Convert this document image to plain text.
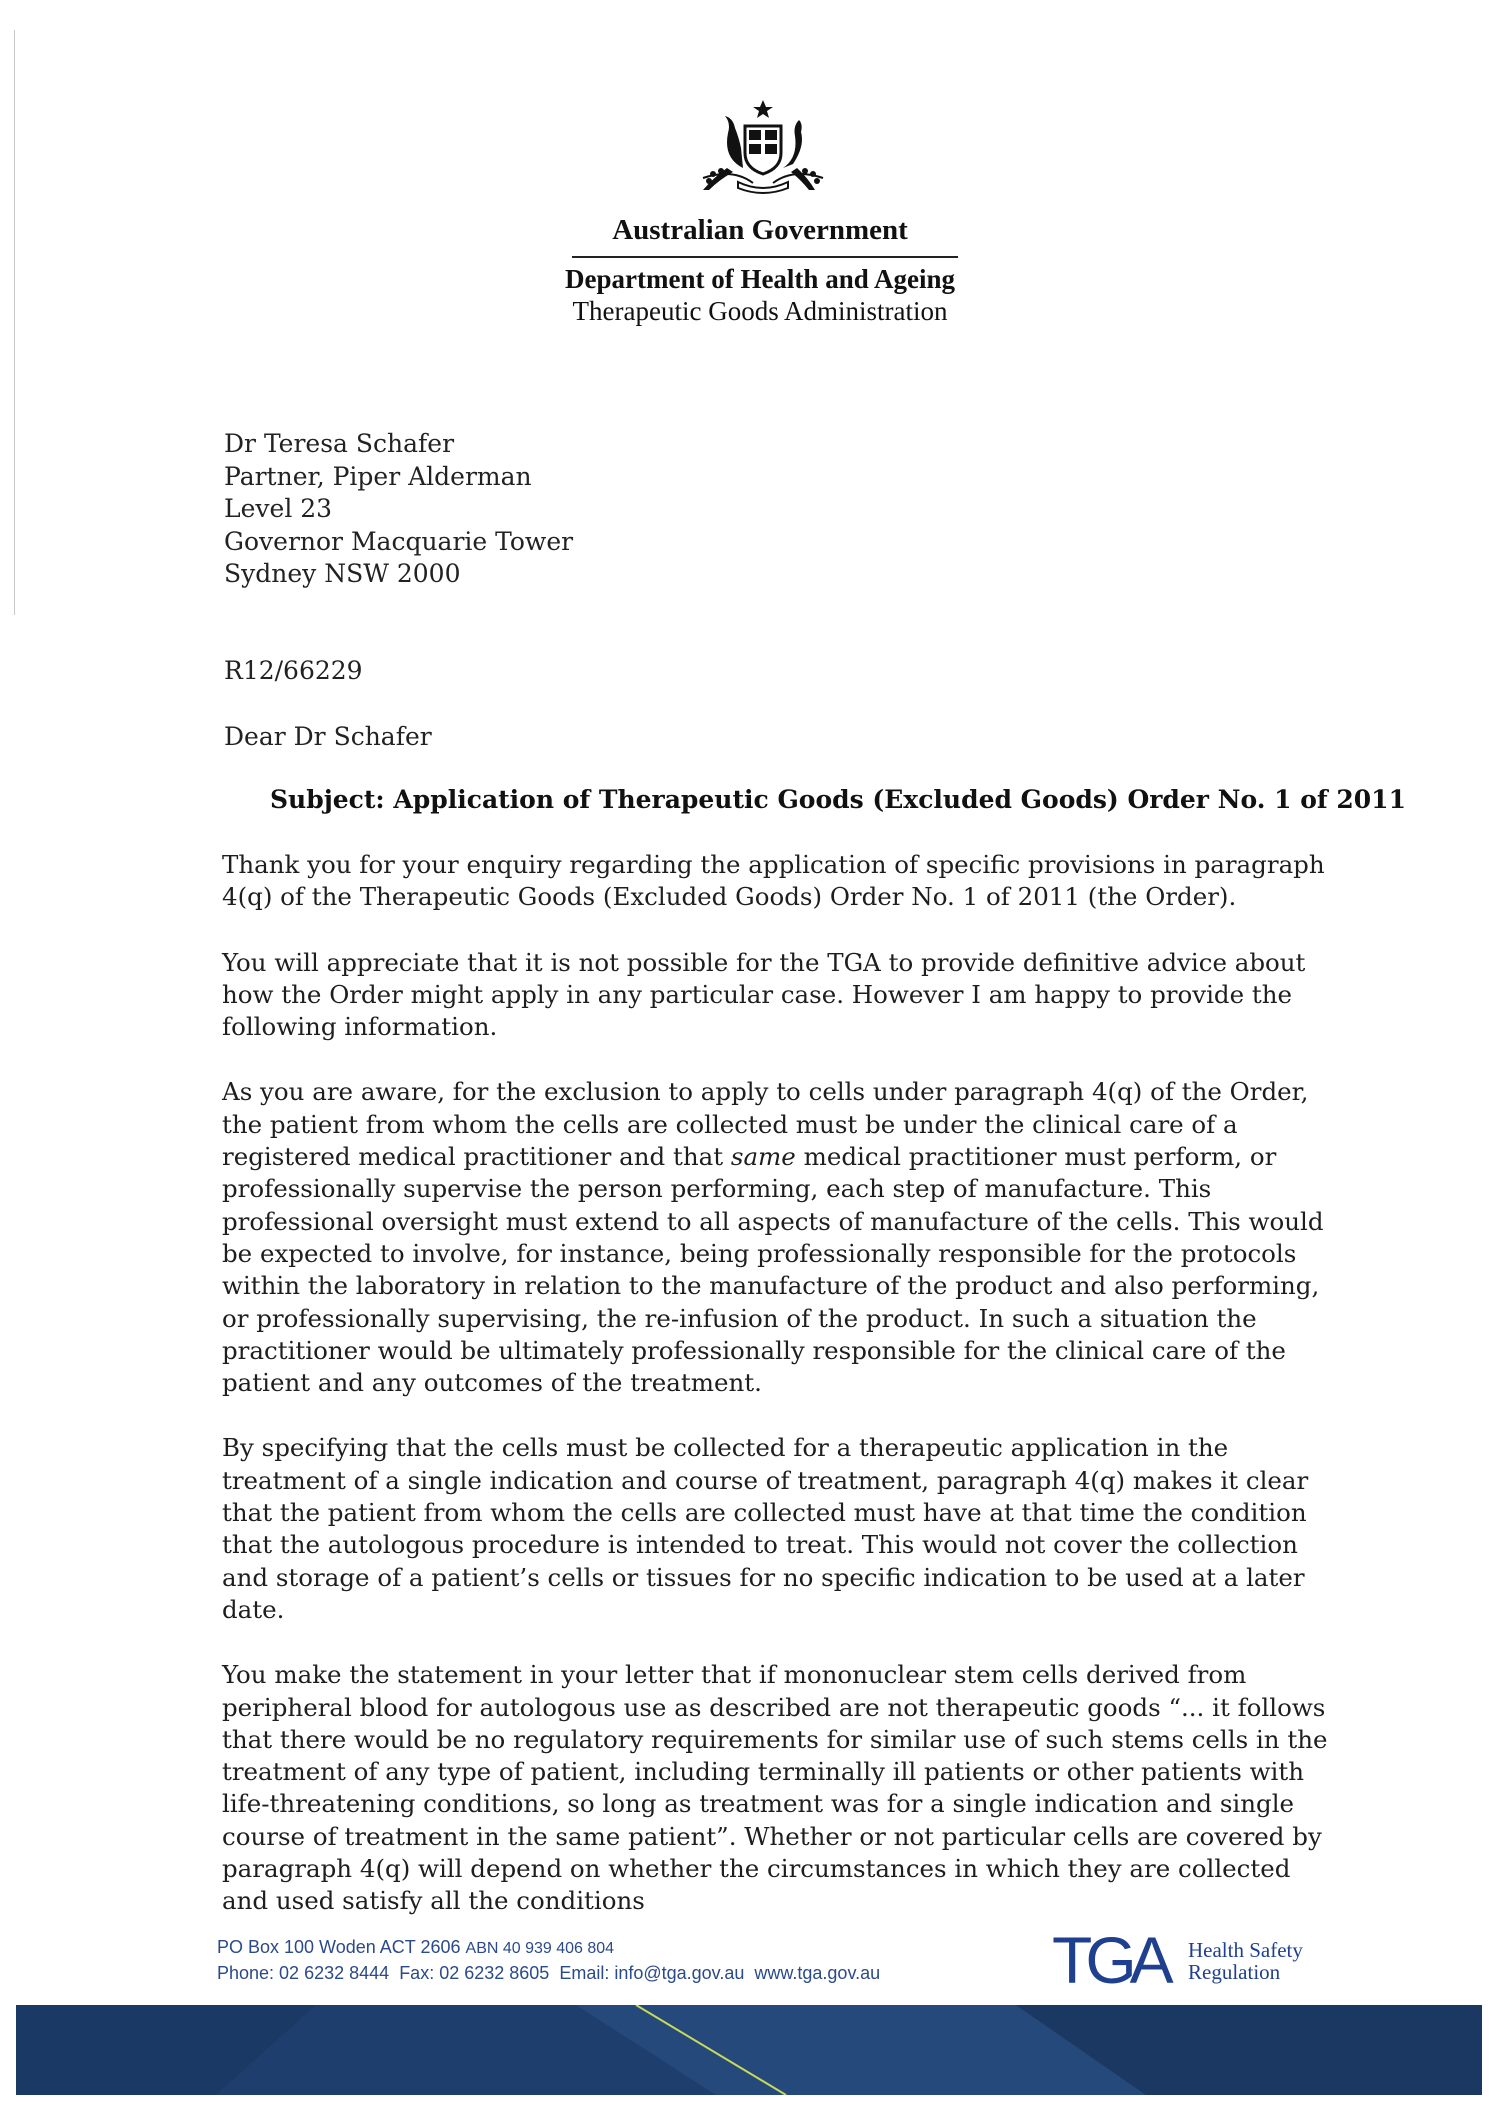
Australian Government
Department of Health and Ageing
Therapeutic Goods Administration
Dr Teresa Schafer
Partner, Piper Alderman
Level 23
Governor Macquarie Tower
Sydney NSW 2000
R12/66229
Dear Dr Schafer
Subject: Application of Therapeutic Goods (Excluded Goods) Order No. 1 of 2011

Thank you for your enquiry regarding the application of specific provisions in paragraph 4(q) of the Therapeutic Goods (Excluded Goods) Order No. 1 of 2011 (the Order).

You will appreciate that it is not possible for the TGA to provide definitive advice about how the Order might apply in any particular case. However I am happy to provide the following information.

As you are aware, for the exclusion to apply to cells under paragraph 4(q) of the Order, the patient from whom the cells are collected must be under the clinical care of a registered medical practitioner and that same medical practitioner must perform, or professionally supervise the person performing, each step of manufacture. This professional oversight must extend to all aspects of manufacture of the cells. This would be expected to involve, for instance, being professionally responsible for the protocols within the laboratory in relation to the manufacture of the product and also performing, or professionally supervising, the re-infusion of the product. In such a situation the practitioner would be ultimately professionally responsible for the clinical care of the patient and any outcomes of the treatment.

By specifying that the cells must be collected for a therapeutic application in the treatment of a single indication and course of treatment, paragraph 4(q) makes it clear that the patient from whom the cells are collected must have at that time the condition that the autologous procedure is intended to treat. This would not cover the collection and storage of a patient’s cells or tissues for no specific indication to be used at a later date.

You make the statement in your letter that if mononuclear stem cells derived from peripheral blood for autologous use as described are not therapeutic goods “... it follows that there would be no regulatory requirements for similar use of such stems cells in the treatment of any type of patient, including terminally ill patients or other patients with life-threatening conditions, so long as treatment was for a single indication and single course of treatment in the same patient”. Whether or not particular cells are covered by paragraph 4(q) will depend on whether the circumstances in which they are collected and used satisfy all the conditions

PO Box 100 Woden ACT 2606 ABN 40 939 406 804
Phone: 02 6232 8444 Fax: 02 6232 8605 Email: info@tga.gov.au www.tga.gov.au	TGA Health Safety
Regulation
